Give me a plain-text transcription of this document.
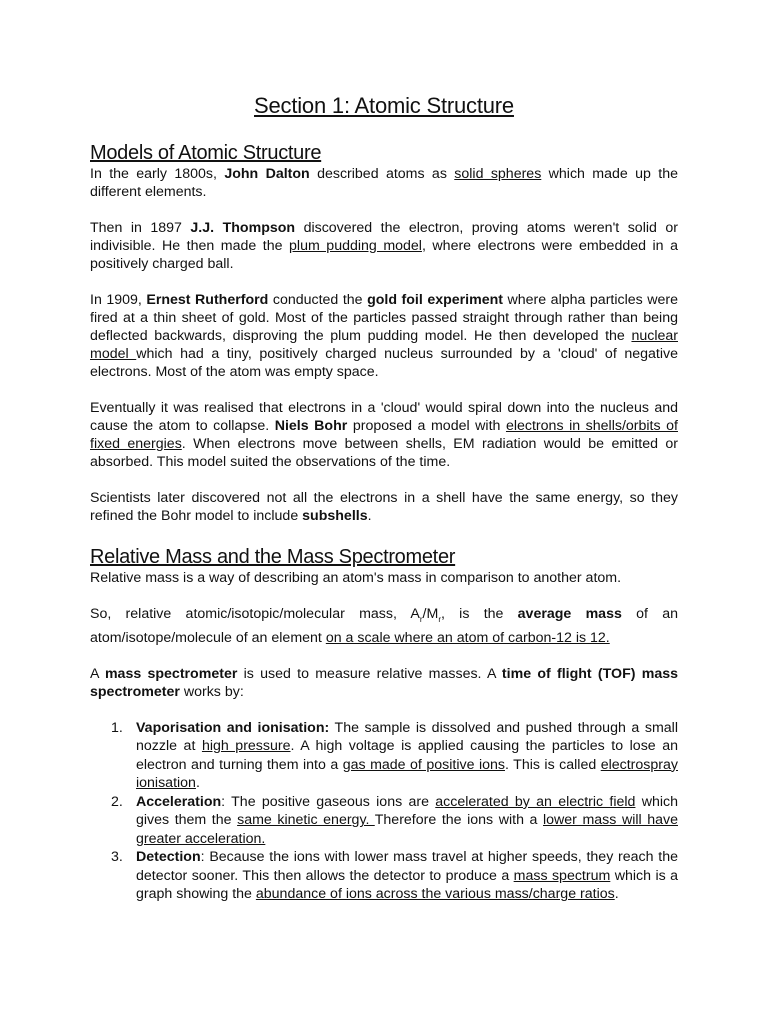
Section 1: Atomic Structure
Models of Atomic Structure

In the early 1800s, John Dalton described atoms as solid spheres which made up the different elements.

Then in 1897 J.J. Thompson discovered the electron, proving atoms weren't solid or indivisible. He then made the plum pudding model, where electrons were embedded in a positively charged ball.

In 1909, Ernest Rutherford conducted the gold foil experiment where alpha particles were fired at a thin sheet of gold. Most of the particles passed straight through rather than being deflected backwards, disproving the plum pudding model. He then developed the nuclear model which had a tiny, positively charged nucleus surrounded by a 'cloud' of negative electrons. Most of the atom was empty space.

Eventually it was realised that electrons in a 'cloud' would spiral down into the nucleus and cause the atom to collapse. Niels Bohr proposed a model with electrons in shells/orbits of fixed energies. When electrons move between shells, EM radiation would be emitted or absorbed. This model suited the observations of the time.

Scientists later discovered not all the electrons in a shell have the same energy, so they refined the Bohr model to include subshells.

Relative Mass and the Mass Spectrometer

Relative mass is a way of describing an atom's mass in comparison to another atom.

So, relative atomic/isotopic/molecular mass, $A_r/M_r$, is the average mass of an atom/isotope/molecule of an element on a scale where an atom of carbon-12 is 12.

A mass spectrometer is used to measure relative masses. A time of flight (TOF) mass spectrometer works by:

1. Vaporisation and ionisation: The sample is dissolved and pushed through a small nozzle at high pressure. A high voltage is applied causing the particles to lose an electron and turning them into a gas made of positive ions. This is called electrospray ionisation.
2. Acceleration: The positive gaseous ions are accelerated by an electric field which gives them the same kinetic energy. Therefore the ions with a lower mass will have greater acceleration.
3. Detection: Because the ions with lower mass travel at higher speeds, they reach the detector sooner. This then allows the detector to produce a mass spectrum which is a graph showing the abundance of ions across the various mass/charge ratios.
